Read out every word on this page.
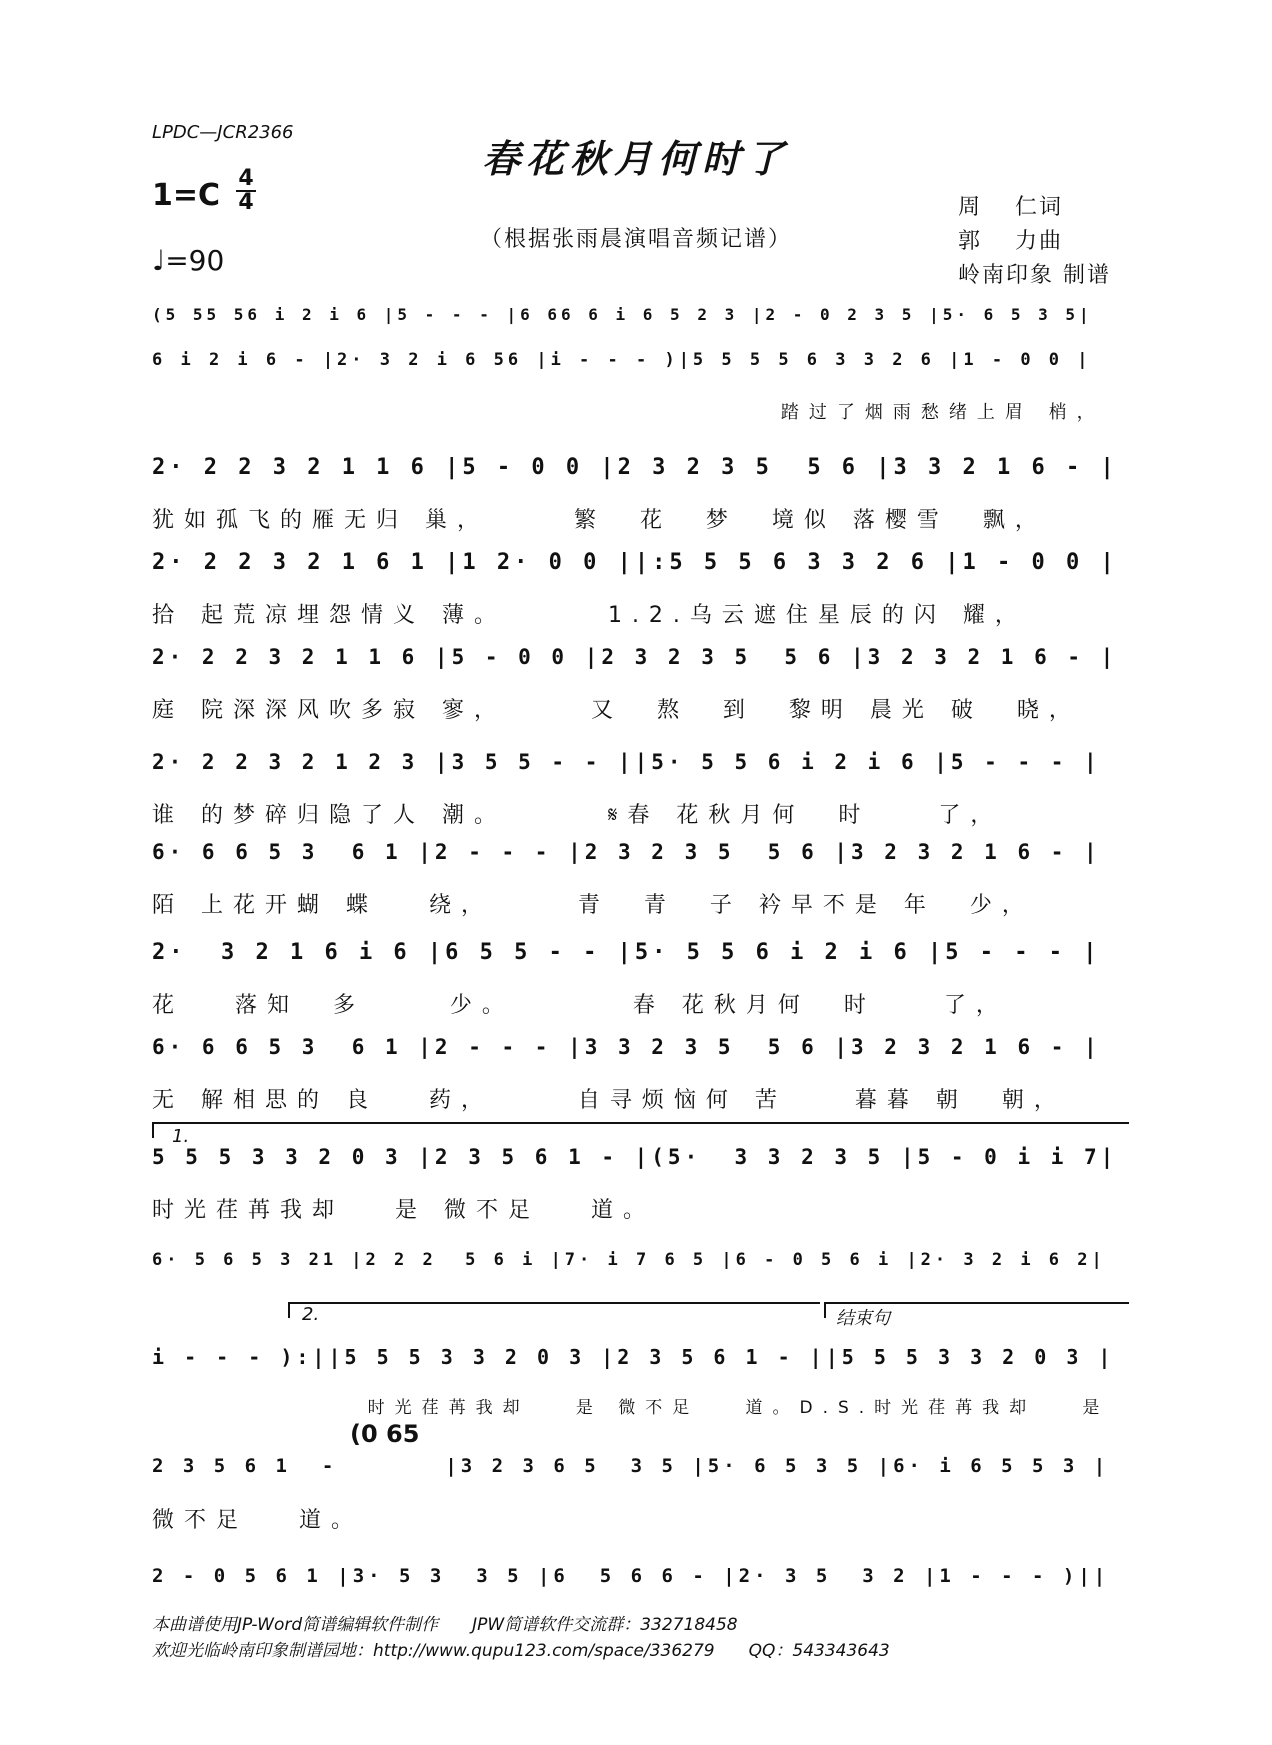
LPDC—JCR2366
春花秋月何时了
（根据张雨晨演唱音频记谱）
1=C 4
4
♩=90
周　 仁词
郭　 力曲
岭南印象 制谱
(5 55 56 i 2 i 6 |5 - - - |6 66 6 i 6 5 2 3 |2 - 0 2 3 5 |5· 6 5 3 5|
6 i 2 i 6 - |2· 3 2 i 6 56 |i - - - )|5 5 5 5 6 3 3 2 6 |1 - 0 0 |
踏过了烟雨愁绪上眉 梢，
2· 2 2 3 2 1 1 6 |5 - 0 0 |2 3 2 3 5  5 6 |3 3 2 1 6 - |
犹如孤飞的雁无归 巢，     繁  花  梦  境似 落樱雪  飘，
2· 2 2 3 2 1 6 1 |1 2· 0 0 ||:5 5 5 6 3 3 2 6 |1 - 0 0 |
拾 起荒凉埋怨情义 薄。      1.2.乌云遮住星辰的闪 耀，
2· 2 2 3 2 1 1 6 |5 - 0 0 |2 3 2 3 5  5 6 |3 2 3 2 1 6 - |
庭 院深深风吹多寂 寥，     又  熬  到  黎明 晨光 破  晓，
2· 2 2 3 2 1 2 3 |3 5 5 - - ||5· 5 5 6 i 2 i 6 |5 - - - |
谁 的梦碎归隐了人 潮。      𝄋春 花秋月何  时    了，
6· 6 6 5 3  6 1 |2 - - - |2 3 2 3 5  5 6 |3 2 3 2 1 6 - |
陌 上花开蝴 蝶   绕，     青  青  子 衿早不是 年  少，
2·  3 2 1 6 i 6 |6 5 5 - - |5· 5 5 6 i 2 i 6 |5 - - - |
花   落知  多     少。       春 花秋月何  时    了，
6· 6 6 5 3  6 1 |2 - - - |3 3 2 3 5  5 6 |3 2 3 2 1 6 - |
无 解相思的 良   药，     自寻烦恼何 苦    暮暮 朝  朝，
5 5 5 3 3 2 0 3 |2 3 5 6 1 - |(5·  3 3 2 3 5 |5 - 0 i i 7|
时光荏苒我却   是 微不足   道。
6· 5 6 5 3 21 |2 2 2  5 6 i |7· i 7 6 5 |6 - 0 5 6 i |2· 3 2 i 6 2|
i - - - ):||5 5 5 3 3 2 0 3 |2 3 5 6 1 - ||5 5 5 3 3 2 0 3 |
时光荏苒我却   是 微不足   道。D.S.时光荏苒我却   是
2 3 5 6 1  -       |3 2 3 6 5  3 5 |5· 6 5 3 5 |6· i 6 5 5 3 |
微不足   道。
2 - 0 5 6 1 |3· 5 3  3 5 |6  5 6 6 - |2· 3 5  3 2 |1 - - - )||
1.
2.	结束句
(0 65
本曲谱使用JP-Word简谱编辑软件制作　　JPW简谱软件交流群：332718458
欢迎光临岭南印象制谱园地：http://www.qupu123.com/space/336279　　QQ：543343643
